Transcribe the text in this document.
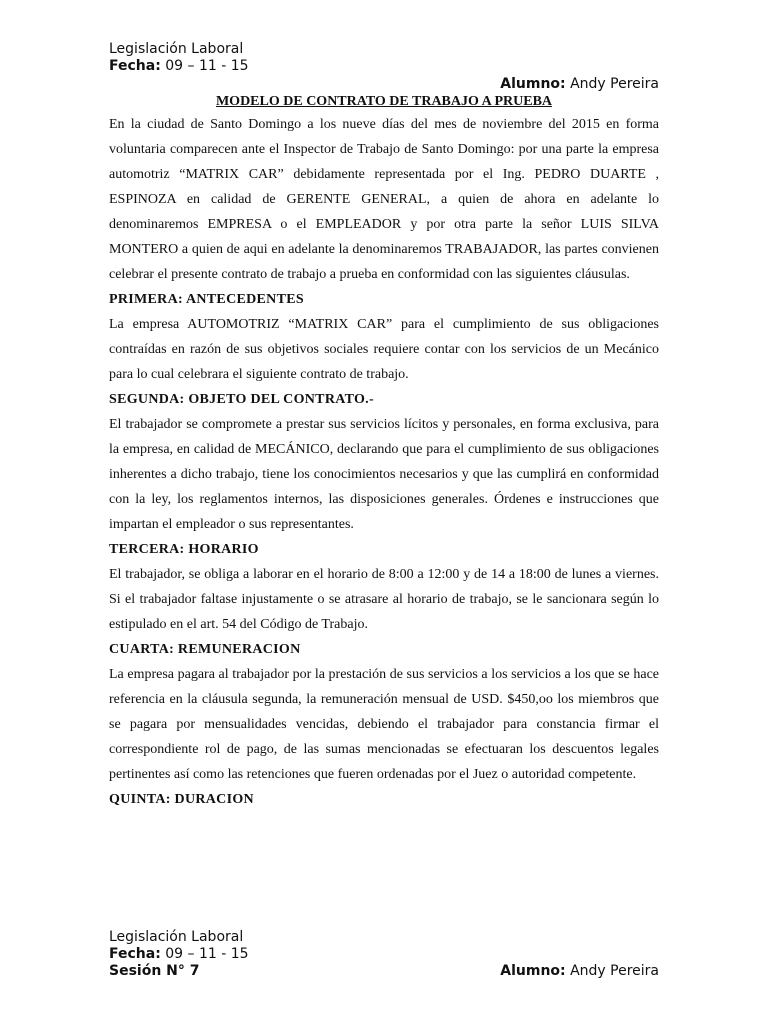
Legislación Laboral
Fecha: 09 – 11 - 15
Alumno: Andy Pereira
MODELO DE CONTRATO DE TRABAJO A PRUEBA

En la ciudad de Santo Domingo a los nueve días del mes de noviembre del 2015 en forma voluntaria comparecen ante el Inspector de Trabajo de Santo Domingo: por una parte la empresa automotriz “MATRIX CAR” debidamente representada por el Ing. PEDRO DUARTE , ESPINOZA en calidad de GERENTE GENERAL, a quien de ahora en adelante lo denominaremos EMPRESA o el EMPLEADOR y por otra parte la señor LUIS SILVA MONTERO a quien de aqui en adelante la denominaremos TRABAJADOR, las partes convienen celebrar el presente contrato de trabajo a prueba en conformidad con las siguientes cláusulas.

PRIMERA: ANTECEDENTES

La empresa AUTOMOTRIZ “MATRIX CAR” para el cumplimiento de sus obligaciones contraídas en razón de sus objetivos sociales requiere contar con los servicios de un Mecánico para lo cual celebrara el siguiente contrato de trabajo.

SEGUNDA: OBJETO DEL CONTRATO.-

El trabajador se compromete a prestar sus servicios lícitos y personales, en forma exclusiva, para la empresa, en calidad de MECÁNICO, declarando que para el cumplimiento de sus obligaciones inherentes a dicho trabajo, tiene los conocimientos necesarios y que las cumplirá en conformidad con la ley, los reglamentos internos, las disposiciones generales. Órdenes e instrucciones que impartan el empleador o sus representantes.

TERCERA: HORARIO

El trabajador, se obliga a laborar en el horario de 8:00 a 12:00 y de 14 a 18:00 de lunes a viernes. Si el trabajador faltase injustamente o se atrasare al horario de trabajo, se le sancionara según lo estipulado en el art. 54 del Código de Trabajo.

CUARTA: REMUNERACION

La empresa pagara al trabajador por la prestación de sus servicios a los servicios a los que se hace referencia en la cláusula segunda, la remuneración mensual de USD. $450,oo los miembros que se pagara por mensualidades vencidas, debiendo el trabajador para constancia firmar el correspondiente rol de pago, de las sumas mencionadas se efectuaran los descuentos legales pertinentes así como las retenciones que fueren ordenadas por el Juez o autoridad competente.

QUINTA: DURACION
Legislación Laboral
Fecha: 09 – 11 - 15
Sesión N° 7	Alumno: Andy Pereira
